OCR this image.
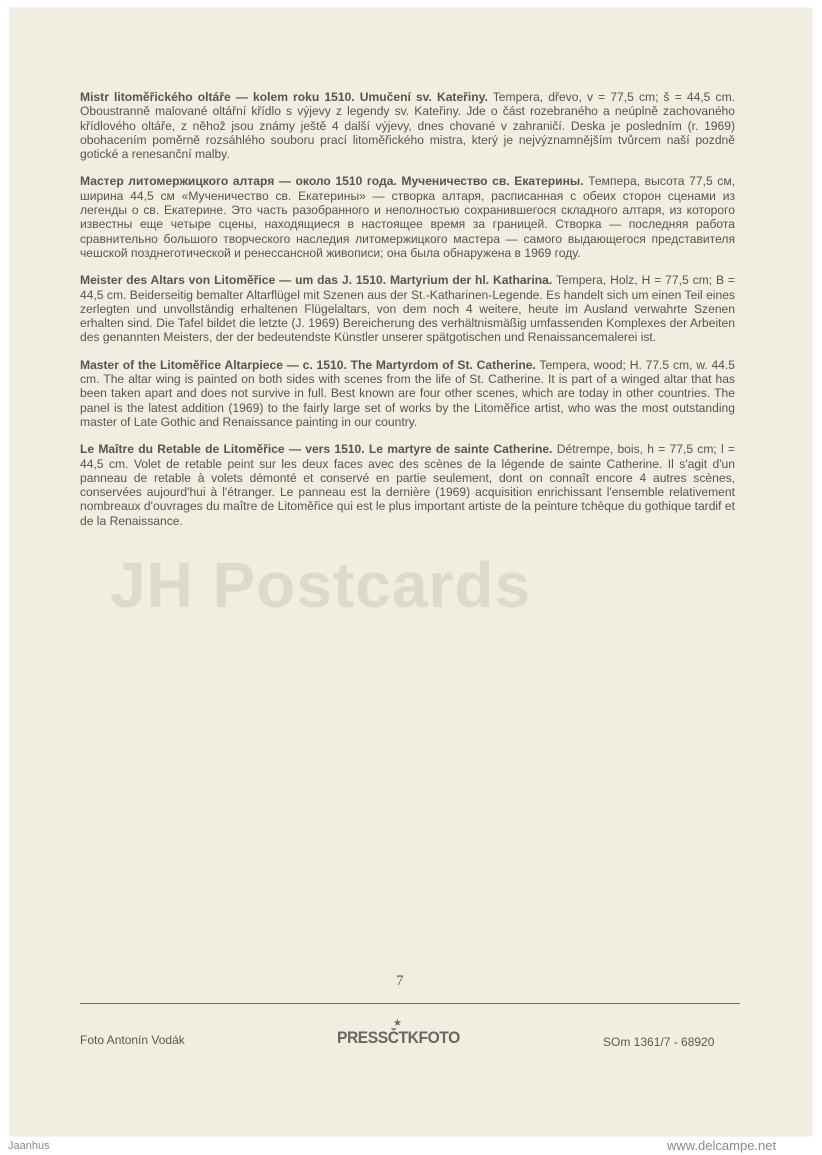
Mistr litoměřického oltáře — kolem roku 1510. Umučení sv. Kateřiny. Tempera, dřevo, v = 77,5 cm; š = 44,5 cm. Oboustranně malované oltářní křídlo s výjevy z legendy sv. Kateřiny. Jde o část rozebraného a neúplně zachovaného křídlového oltáře, z něhož jsou známy ještě 4 další výjevy, dnes chované v zahraničí. Deska je posledním (r. 1969) obohacením poměrně rozsáhlého souboru prací litoměřického mistra, který je nejvýznamnějším tvůrcem naší pozdně gotické a renesanční malby.

Мастер литомержицкого алтаря — около 1510 года. Мученичество св. Екатерины. Темпера, высота 77,5 см, ширина 44,5 см «Мученичество св. Екатерины» — створка алтаря, расписанная с обеих сторон сценами из легенды о св. Екатерине. Это часть разобранного и неполностью сохранившегося складного алтаря, из которого известны еще четыре сцены, находящиеся в настоящее время за границей. Створка — последняя работа сравнительно большого творческого наследия литомержицкого мастера — самого выдающегося представителя чешской позднеготической и ренессансной живописи; она была обнаружена в 1969 году.

Meister des Altars von Litoměřice — um das J. 1510. Martyrium der hl. Katharina. Tempera, Holz, H = 77,5 cm; B = 44,5 cm. Beiderseitig bemalter Altarflügel mit Szenen aus der St.-Katharinen-Legende. Es handelt sich um einen Teil eines zerlegten und unvollständig erhaltenen Flügelaltars, von dem noch 4 weitere, heute im Ausland verwahrte Szenen erhalten sind. Die Tafel bildet die letzte (J. 1969) Bereicherung des verhältnismäßig umfassenden Komplexes der Arbeiten des genannten Meisters, der der bedeutendste Künstler unserer spätgotischen und Renaissancemalerei ist.

Master of the Litoměřice Altarpiece — c. 1510. The Martyrdom of St. Catherine. Tempera, wood; H. 77.5 cm, w. 44.5 cm. The altar wing is painted on both sides with scenes from the life of St. Catherine. It is part of a winged altar that has been taken apart and does not survive in full. Best known are four other scenes, which are today in other countries. The panel is the latest addition (1969) to the fairly large set of works by the Litoměřice artist, who was the most outstanding master of Late Gothic and Renaissance painting in our country.

Le Maître du Retable de Litoměřice — vers 1510. Le martyre de sainte Catherine. Détrempe, bois, h = 77,5 cm; l = 44,5 cm. Volet de retable peint sur les deux faces avec des scènes de la légende de sainte Catherine. Il s'agit d'un panneau de retable à volets démonté et conservé en partie seulement, dont on connaît encore 4 autres scènes, conservées aujourd'hui à l'étranger. Le panneau est la dernière (1969) acquisition enrichissant l'ensemble relativement nombreaux d'ouvrages du maître de Litoměřice qui est le plus important artiste de la peinture tchèque du gothique tardif et de la Renaissance.

JH Postcards
7
Foto Antonín Vodák
★
PRESSČTKFOTO	SOm 1361/7 - 68920
Jaanhus	www.delcampe.net
